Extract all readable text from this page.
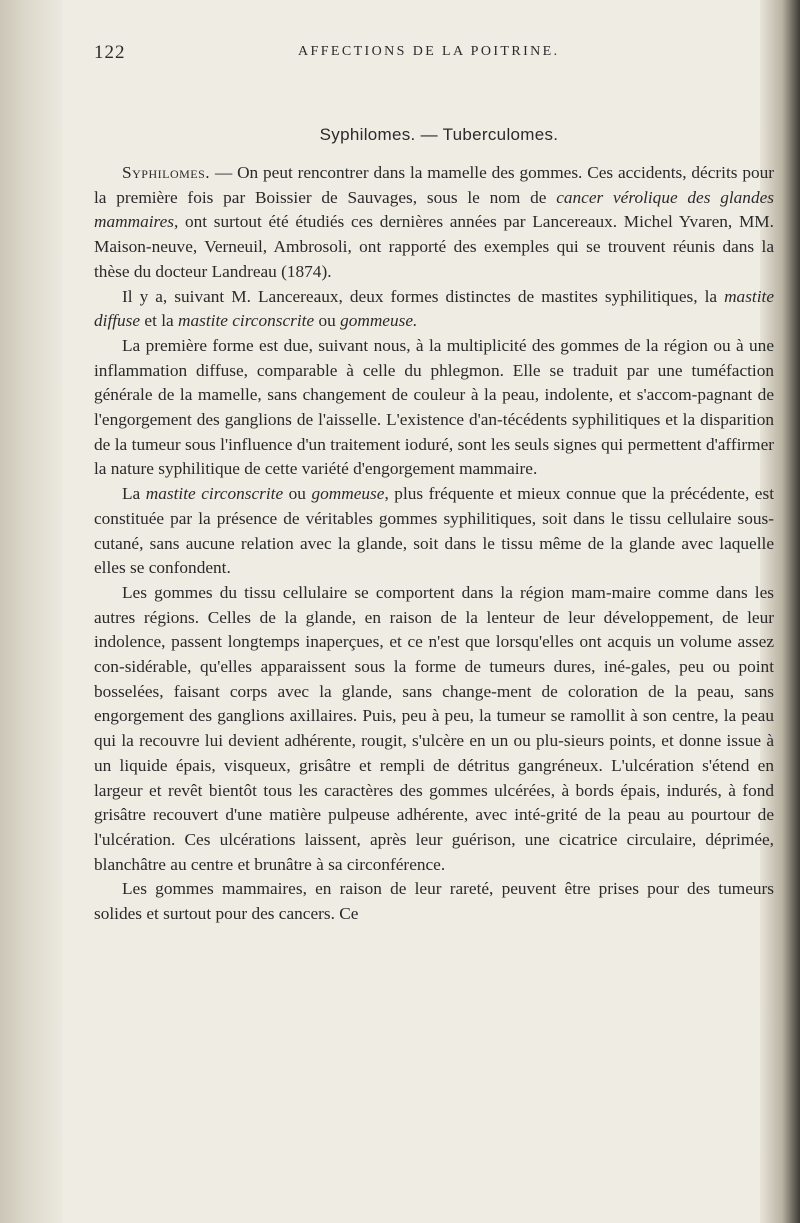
122	AFFECTIONS DE LA POITRINE.
Syphilomes. — Tuberculomes.

Syphilomes. — On peut rencontrer dans la mamelle des gommes. Ces accidents, décrits pour la première fois par Boissier de Sauvages, sous le nom de cancer vérolique des glandes mammaires, ont surtout été étudiés ces dernières années par Lancereaux. Michel Yvaren, MM. Maison-neuve, Verneuil, Ambrosoli, ont rapporté des exemples qui se trouvent réunis dans la thèse du docteur Landreau (1874).

Il y a, suivant M. Lancereaux, deux formes distinctes de mastites syphilitiques, la mastite diffuse et la mastite circonscrite ou gommeuse.

La première forme est due, suivant nous, à la multiplicité des gommes de la région ou à une inflammation diffuse, comparable à celle du phlegmon. Elle se traduit par une tuméfaction générale de la mamelle, sans changement de couleur à la peau, indolente, et s'accom-pagnant de l'engorgement des ganglions de l'aisselle. L'existence d'an-técédents syphilitiques et la disparition de la tumeur sous l'influence d'un traitement ioduré, sont les seuls signes qui permettent d'affirmer la nature syphilitique de cette variété d'engorgement mammaire.

La mastite circonscrite ou gommeuse, plus fréquente et mieux connue que la précédente, est constituée par la présence de véritables gommes syphilitiques, soit dans le tissu cellulaire sous-cutané, sans aucune relation avec la glande, soit dans le tissu même de la glande avec laquelle elles se confondent.

Les gommes du tissu cellulaire se comportent dans la région mam-maire comme dans les autres régions. Celles de la glande, en raison de la lenteur de leur développement, de leur indolence, passent longtemps inaperçues, et ce n'est que lorsqu'elles ont acquis un volume assez con-sidérable, qu'elles apparaissent sous la forme de tumeurs dures, iné-gales, peu ou point bosselées, faisant corps avec la glande, sans change-ment de coloration de la peau, sans engorgement des ganglions axillaires. Puis, peu à peu, la tumeur se ramollit à son centre, la peau qui la recouvre lui devient adhérente, rougit, s'ulcère en un ou plu-sieurs points, et donne issue à un liquide épais, visqueux, grisâtre et rempli de détritus gangréneux. L'ulcération s'étend en largeur et revêt bientôt tous les caractères des gommes ulcérées, à bords épais, indurés, à fond grisâtre recouvert d'une matière pulpeuse adhérente, avec inté-grité de la peau au pourtour de l'ulcération. Ces ulcérations laissent, après leur guérison, une cicatrice circulaire, déprimée, blanchâtre au centre et brunâtre à sa circonférence.

Les gommes mammaires, en raison de leur rareté, peuvent être prises pour des tumeurs solides et surtout pour des cancers. Ce
